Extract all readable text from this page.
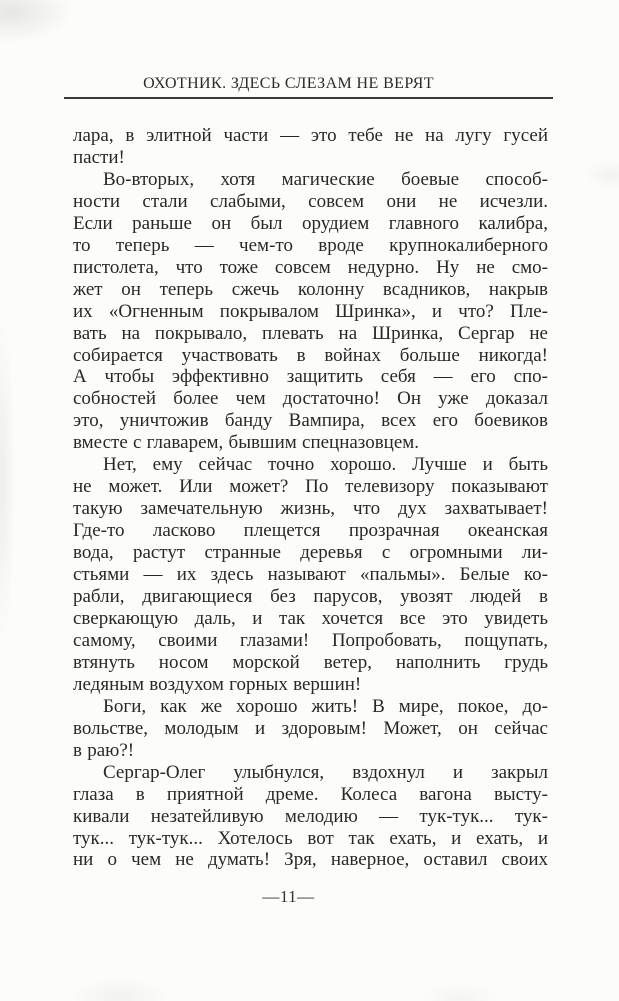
ОХОТНИК. ЗДЕСЬ СЛЕЗАМ НЕ ВЕРЯТ
лара, в элитной части — это тебе не на лугу гусей
пасти!
Во-вторых, хотя магические боевые способ-
ности стали слабыми, совсем они не исчезли.
Если раньше он был орудием главного калибра,
то теперь — чем-то вроде крупнокалиберного
пистолета, что тоже совсем недурно. Ну не смо-
жет он теперь сжечь колонну всадников, накрыв
их «Огненным покрывалом Шринка», и что? Пле-
вать на покрывало, плевать на Шринка, Сергар не
собирается участвовать в войнах больше никогда!
А чтобы эффективно защитить себя — его спо-
собностей более чем достаточно! Он уже доказал
это, уничтожив банду Вампира, всех его боевиков
вместе с главарем, бывшим спецназовцем.
Нет, ему сейчас точно хорошо. Лучше и быть
не может. Или может? По телевизору показывают
такую замечательную жизнь, что дух захватывает!
Где-то ласково плещется прозрачная океанская
вода, растут странные деревья с огромными ли-
стьями — их здесь называют «пальмы». Белые ко-
рабли, двигающиеся без парусов, увозят людей в
сверкающую даль, и так хочется все это увидеть
самому, своими глазами! Попробовать, пощупать,
втянуть носом морской ветер, наполнить грудь
ледяным воздухом горных вершин!
Боги, как же хорошо жить! В мире, покое, до-
вольстве, молодым и здоровым! Может, он сейчас
в раю?!
Сергар-Олег улыбнулся, вздохнул и закрыл
глаза в приятной дреме. Колеса вагона высту-
кивали незатейливую мелодию — тук-тук... тук-
тук... тук-тук... Хотелось вот так ехать, и ехать, и
ни о чем не думать! Зря, наверное, оставил своих
—11—
